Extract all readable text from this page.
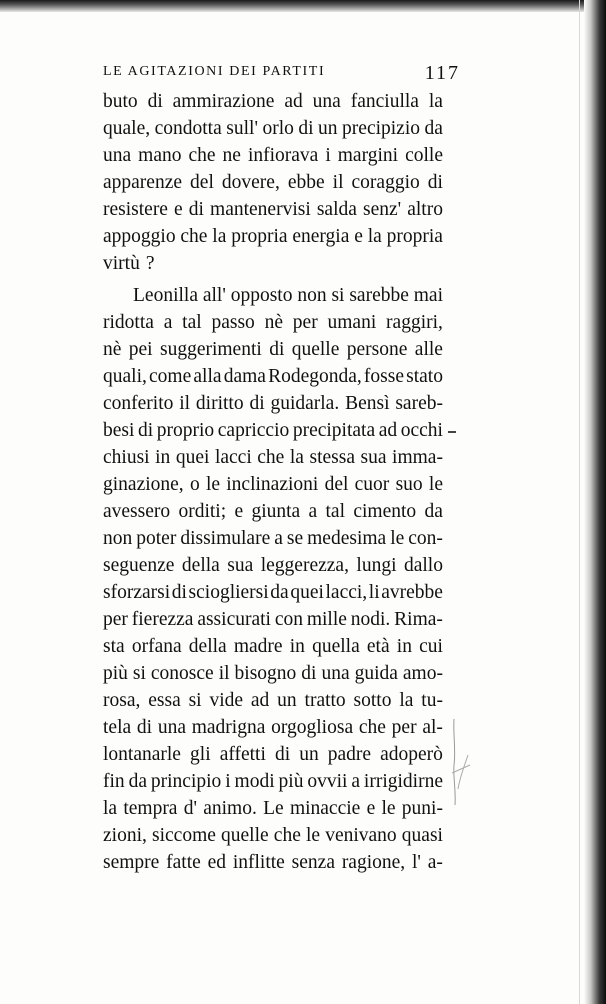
LE AGITAZIONI DEI PARTITI	117
buto di ammirazione ad una fanciulla la
quale, condotta sull' orlo di un precipizio da
una mano che ne infiorava i margini colle
apparenze del dovere, ebbe il coraggio di
resistere e di mantenervisi salda senz' altro
appoggio che la propria energia e la propria
virtù ?
Leonilla all' opposto non si sarebbe mai
ridotta a tal passo nè per umani raggiri,
nè pei suggerimenti di quelle persone alle
quali, come alla dama Rodegonda, fosse stato
conferito il diritto di guidarla. Bensì sareb-
besi di proprio capriccio precipitata ad occhi
chiusi in quei lacci che la stessa sua imma-
ginazione, o le inclinazioni del cuor suo le
avessero orditi; e giunta a tal cimento da
non poter dissimulare a se medesima le con-
seguenze della sua leggerezza, lungi dallo
sforzarsi di sciogliersi da quei lacci, li avrebbe
per fierezza assicurati con mille nodi. Rima-
sta orfana della madre in quella età in cui
più si conosce il bisogno di una guida amo-
rosa, essa si vide ad un tratto sotto la tu-
tela di una madrigna orgogliosa che per al-
lontanarle gli affetti di un padre adoperò
fin da principio i modi più ovvii a irrigidirne
la tempra d' animo. Le minaccie e le puni-
zioni, siccome quelle che le venivano quasi
sempre fatte ed inflitte senza ragione, l' a-
